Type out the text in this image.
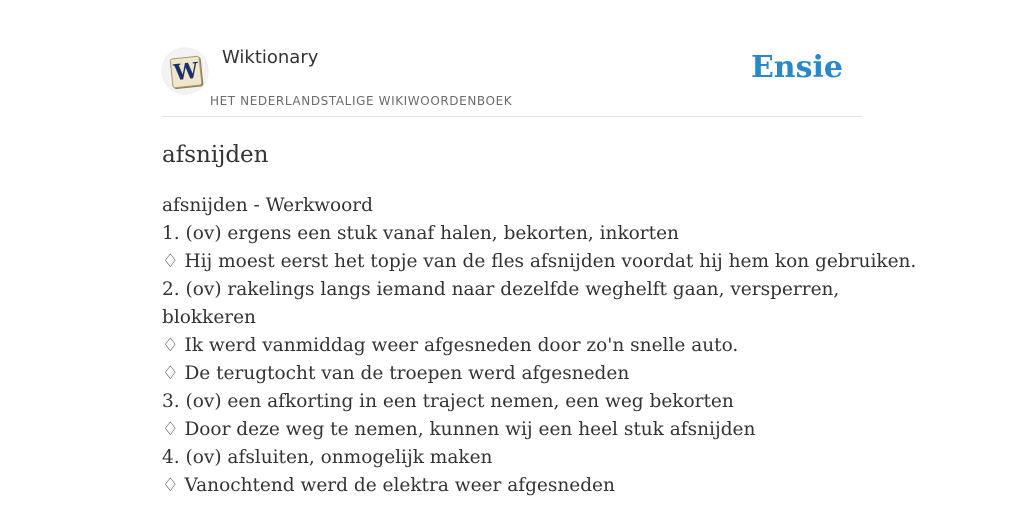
W
Wiktionary
HET NEDERLANDSTALIGE WIKIWOORDENBOEK
Ensie
afsnijden
afsnijden - Werkwoord
1. (ov) ergens een stuk vanaf halen, bekorten, inkorten
♢ Hij moest eerst het topje van de fles afsnijden voordat hij hem kon gebruiken.
2. (ov) rakelings langs iemand naar dezelfde weghelft gaan, versperren, blokkeren
♢ Ik werd vanmiddag weer afgesneden door zo'n snelle auto.
♢ De terugtocht van de troepen werd afgesneden
3. (ov) een afkorting in een traject nemen, een weg bekorten
♢ Door deze weg te nemen, kunnen wij een heel stuk afsnijden
4. (ov) afsluiten, onmogelijk maken
♢ Vanochtend werd de elektra weer afgesneden
